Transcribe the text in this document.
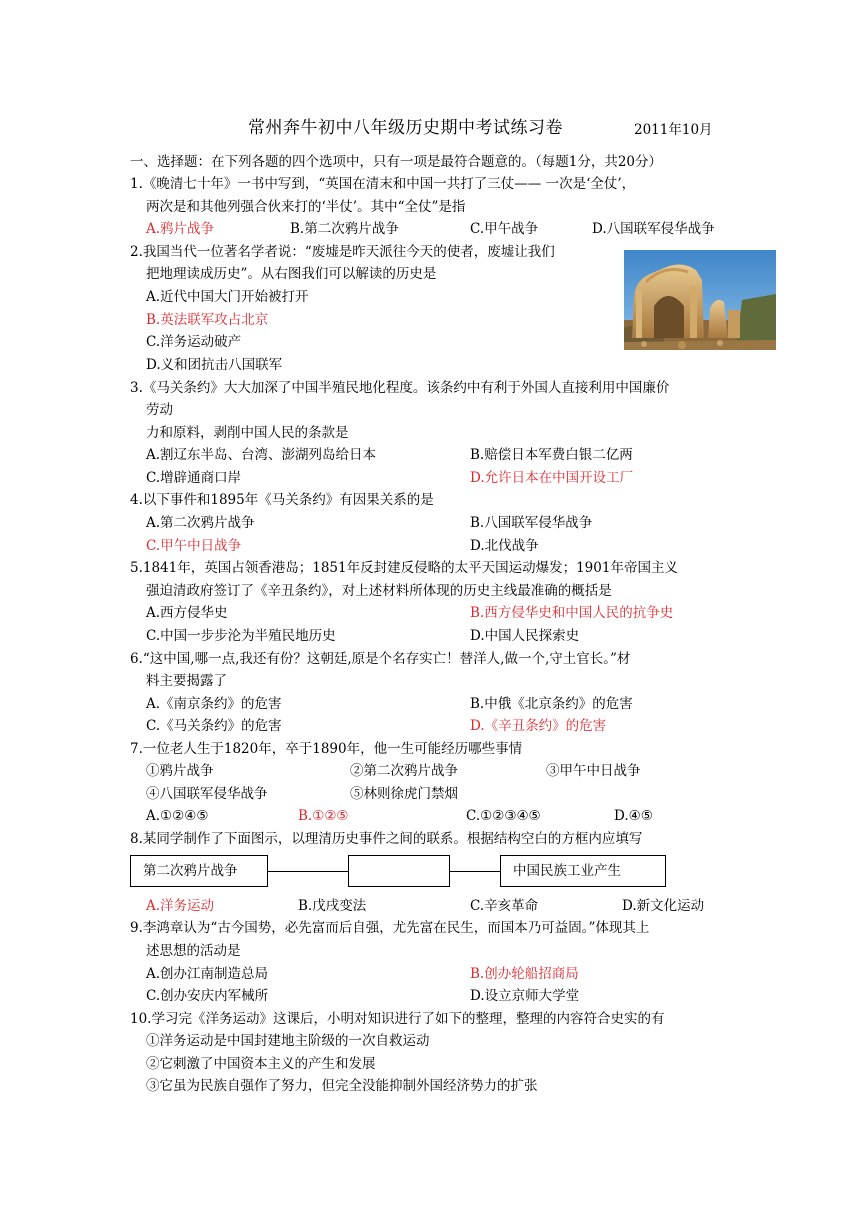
常州奔牛初中八年级历史期中考试练习卷	2011年10月
一、选择题：在下列各题的四个选项中，只有一项是最符合题意的。（每题1分，共20分）
1.《晚清七十年》一书中写到，“英国在清末和中国一共打了三仗—— 一次是‘全仗’，
两次是和其他列强合伙来打的‘半仗’。其中“全仗”是指
A.鸦片战争	B.第二次鸦片战争	C.甲午战争	D.八国联军侵华战争
2.我国当代一位著名学者说：“废墟是昨天派往今天的使者，废墟让我们
把地理读成历史”。从右图我们可以解读的历史是
A.近代中国大门开始被打开
B.英法联军攻占北京
C.洋务运动破产
D.义和团抗击八国联军
3.《马关条约》大大加深了中国半殖民地化程度。该条约中有利于外国人直接利用中国廉价
劳动
力和原料，剥削中国人民的条款是
A.割辽东半岛、台湾、澎湖列岛给日本	B.赔偿日本军费白银二亿两
C.增辟通商口岸	D.允许日本在中国开设工厂
4.以下事件和1895年《马关条约》有因果关系的是
A.第二次鸦片战争	B.八国联军侵华战争
C.甲午中日战争	D.北伐战争
5.1841年，英国占领香港岛；1851年反封建反侵略的太平天国运动爆发；1901年帝国主义
强迫清政府签订了《辛丑条约》，对上述材料所体现的历史主线最准确的概括是
A.西方侵华史	B.西方侵华史和中国人民的抗争史
C.中国一步步沦为半殖民地历史	D.中国人民探索史
6.“这中国,哪一点,我还有份？这朝廷,原是个名存实亡！替洋人,做一个,守土官长。”材
料主要揭露了
A.《南京条约》的危害	B.中俄《北京条约》的危害
C.《马关条约》的危害	D.《辛丑条约》的危害
7.一位老人生于1820年，卒于1890年，他一生可能经历哪些事情
①鸦片战争	②第二次鸦片战争	③甲午中日战争
④八国联军侵华战争	⑤林则徐虎门禁烟
A.①②④⑤	B.①②⑤	C.①②③④⑤	D.④⑤
8.某同学制作了下面图示，以理清历史事件之间的联系。根据结构空白的方框内应填写
第二次鸦片战争	中国民族工业产生
A.洋务运动	B.戊戌变法	C.辛亥革命	D.新文化运动
9.李鸿章认为“古今国势，必先富而后自强，尤先富在民生，而国本乃可益固。”体现其上
述思想的活动是
A.创办江南制造总局	B.创办轮船招商局
C.创办安庆内军械所	D.设立京师大学堂
10.学习完《洋务运动》这课后，小明对知识进行了如下的整理，整理的内容符合史实的有
①洋务运动是中国封建地主阶级的一次自救运动
②它刺激了中国资本主义的产生和发展
③它虽为民族自强作了努力，但完全没能抑制外国经济势力的扩张
